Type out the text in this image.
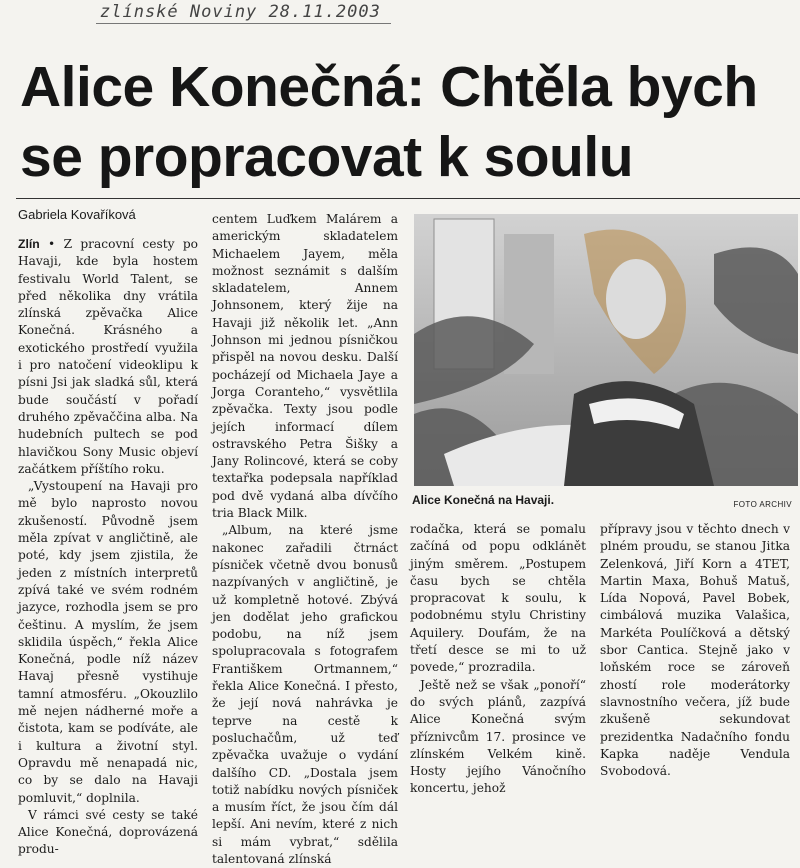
zlínské Noviny 28.11.2003
Alice Konečná: Chtěla bych se propracovat k soulu
Gabriela Kovaříková

Zlín • Z pracovní cesty po Havaji, kde byla hostem festivalu World Talent, se před několika dny vrátila zlínská zpěvačka Alice Konečná. Krásného a exotického prostředí využila i pro natočení videoklipu k písni Jsi jak sladká sůl, která bude součástí v pořadí druhého zpěvaččina alba. Na hudebních pultech se pod hlavičkou Sony Music objeví začátkem příštího roku.

„Vystoupení na Havaji pro mě bylo naprosto novou zkušeností. Původně jsem měla zpívat v angličtině, ale poté, kdy jsem zjistila, že jeden z místních interpretů zpívá také ve svém rodném jazyce, rozhodla jsem se pro češtinu. A myslím, že jsem sklidila úspěch,“ řekla Alice Konečná, podle níž název Havaj přesně vystihuje tamní atmosféru. „Okouzlilo mě nejen nádherné moře a čistota, kam se podíváte, ale i kultura a životní styl. Opravdu mě nenapadá nic, co by se dalo na Havaji pomluvit,“ doplnila.

V rámci své cesty se také Alice Konečná, doprovázená produ-

centem Luďkem Malárem a americkým skladatelem Michaelem Jayem, měla možnost seznámit s dalším skladatelem, Annem Johnsonem, který žije na Havaji již několik let. „Ann Johnson mi jednou písničkou přispěl na novou desku. Další pocházejí od Michaela Jaye a Jorga Coranteho,“ vysvětlila zpěvačka. Texty jsou podle jejích informací dílem ostravského Petra Šišky a Jany Rolincové, která se coby textařka podepsala například pod dvě vydaná alba dívčího tria Black Milk.

„Album, na které jsme nakonec zařadili čtrnáct písniček včetně dvou bonusů nazpívaných v angličtině, je už kompletně hotové. Zbývá jen dodělat jeho grafickou podobu, na níž jsem spolupracovala s fotografem Františkem Ortmannem,“ řekla Alice Konečná. I přesto, že její nová nahrávka je teprve na cestě k posluchačům, už teď zpěvačka uvažuje o vydání dalšího CD. „Dostala jsem totiž nabídku nových písniček a musím říct, že jsou čím dál lepší. Ani nevím, které z nich si mám vybrat,“ sdělila talentovaná zlínská

Alice Konečná na Havaji.	FOTO ARCHIV

rodačka, která se pomalu začíná od popu odklánět jiným směrem. „Postupem času bych se chtěla propracovat k soulu, k podobnému stylu Christiny Aquilery. Doufám, že na třetí desce se mi to už povede,“ prozradila.

Ještě než se však „ponoří“ do svých plánů, zazpívá Alice Konečná svým příznivcům 17. prosince ve zlínském Velkém kině. Hosty jejího Vánočního koncertu, jehož

přípravy jsou v těchto dnech v plném proudu, se stanou Jitka Zelenková, Jiří Korn a 4TET, Martin Maxa, Bohuš Matuš, Lída Nopová, Pavel Bobek, cimbálová muzika Valašica, Markéta Poulíčková a dětský sbor Cantica. Stejně jako v loňském roce se zároveň zhostí role moderátorky slavnostního večera, jíž bude zkušeně sekundovat prezidentka Nadačního fondu Kapka naděje Vendula Svobodová.
